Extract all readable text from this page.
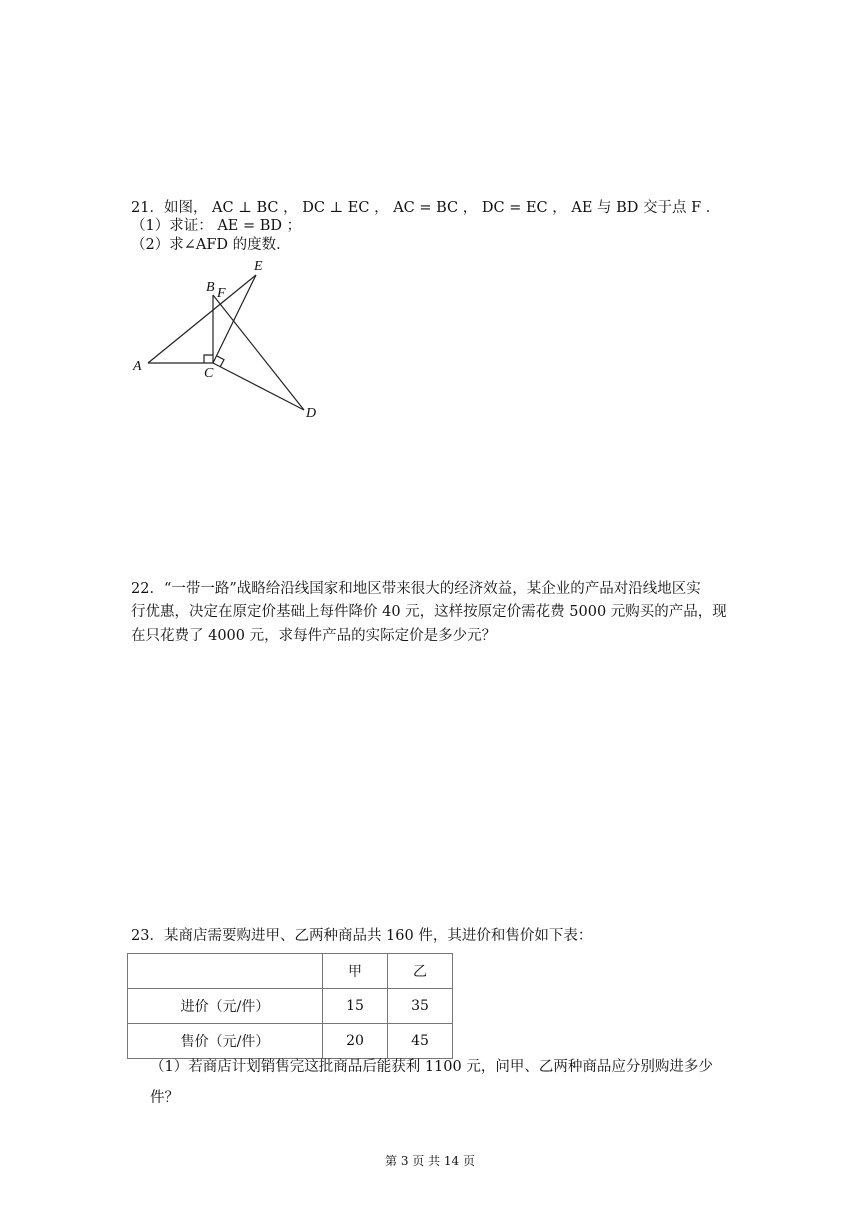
21．如图， AC ⊥ BC ， DC ⊥ EC ， AC = BC ， DC = EC ， AE 与 BD 交于点 F ．
（1）求证： AE = BD ；
（2）求∠AFD 的度数．
A
B
C
D
E
F
22．“一带一路”战略给沿线国家和地区带来很大的经济效益，某企业的产品对沿线地区实
行优惠，决定在原定价基础上每件降价 40 元，这样按原定价需花费 5000 元购买的产品，现
在只花费了 4000 元，求每件产品的实际定价是多少元？
23．某商店需要购进甲、乙两种商品共 160 件，其进价和售价如下表：
	甲	乙
进价（元/件）	15	35
售价（元/件）	20	45
（1）若商店计划销售完这批商品后能获利 1100 元，问甲、乙两种商品应分别购进多少
件？
第 3 页 共 14 页
